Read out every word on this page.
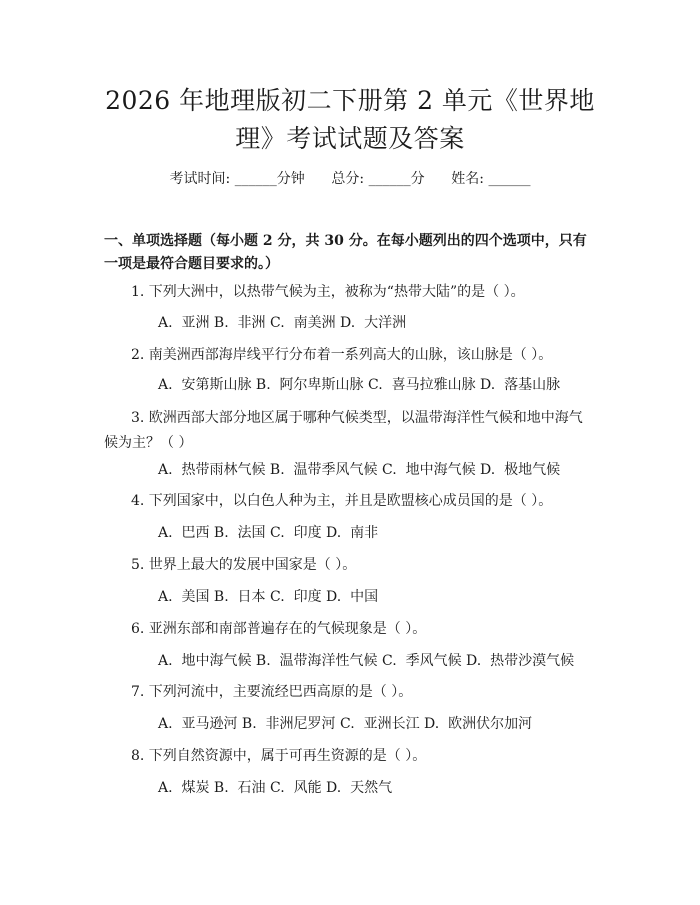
2026 年地理版初二下册第 2 单元《世界地
理》考试试题及答案
考试时间: ______分钟      总分: ______分      姓名: ______
一、单项选择题（每小题 2 分，共 30 分。在每小题列出的四个选项中，只有一项是最符合题目要求的。）
1. 下列大洲中，以热带气候为主，被称为“热带大陆”的是（ ）。
A.  亚洲 B.  非洲 C.  南美洲 D.  大洋洲
2. 南美洲西部海岸线平行分布着一系列高大的山脉，该山脉是（ ）。
A.  安第斯山脉 B.  阿尔卑斯山脉 C.  喜马拉雅山脉 D.  落基山脉
3. 欧洲西部大部分地区属于哪种气候类型，以温带海洋性气候和地中海气候为主？（ ）
A.  热带雨林气候 B.  温带季风气候 C.  地中海气候 D.  极地气候
4. 下列国家中，以白色人种为主，并且是欧盟核心成员国的是（ ）。
A.  巴西 B.  法国 C.  印度 D.  南非
5. 世界上最大的发展中国家是（ ）。
A.  美国 B.  日本 C.  印度 D.  中国
6. 亚洲东部和南部普遍存在的气候现象是（ ）。
A.  地中海气候 B.  温带海洋性气候 C.  季风气候 D.  热带沙漠气候
7. 下列河流中，主要流经巴西高原的是（ ）。
A.  亚马逊河 B.  非洲尼罗河 C.  亚洲长江 D.  欧洲伏尔加河
8. 下列自然资源中，属于可再生资源的是（ ）。
A.  煤炭 B.  石油 C.  风能 D.  天然气
